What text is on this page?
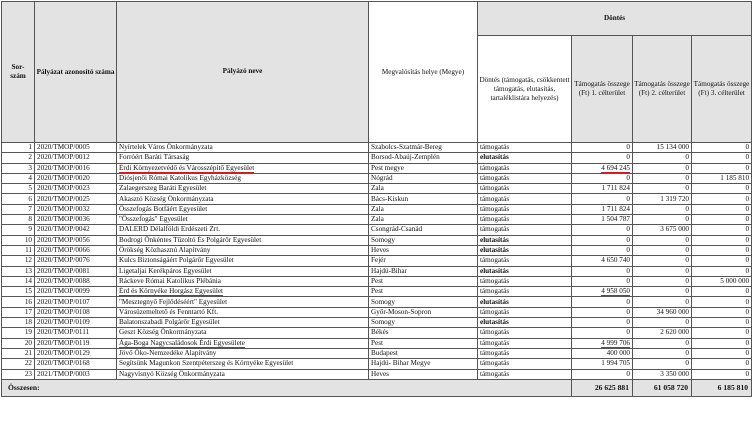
Sor-
szám	Pályázat azonosító száma	Pályázó neve	Megvalósítás helye (Megye)	Döntés			
				Döntés (támogatás, csökkentett támogatás, elutasítás, tartaléklistára helyezés)	Támogatás összege (Ft) 1. célterület	Támogatás összege (Ft) 2. célterület	Támogatás összege (Ft) 3. célterület
1	2020/TMOP/0005	Nyírtelek Város Önkormányzata	Szabolcs-Szatmár-Bereg	támogatás	0	15 134 000	0
2	2020/TMOP/0012	Forróért Baráti Társaság	Borsod-Abaúj-Zemplén	elutasítás	0	0	0
3	2020/TMOP/0016	Érdi Környezetvédő és Városszépítő Egyesület	Pest megye	támogatás	4 694 245	0	0
4	2020/TMOP/0020	Diósjenői Római Katolikus Egyházközség	Nógrád	támogatás	0	0	1 185 810
5	2020/TMOP/0023	Zalaegerszeg Baráti Egyesület	Zala	támogatás	1 711 824	0	0
6	2020/TMOP/0025	Akasztó Község Önkormányzata	Bács-Kiskun	támogatás	0	1 319 720	0
7	2020/TMOP/0032	Összefogás Botfáért Egyesület	Zala	támogatás	1 711 824	0	0
8	2020/TMOP/0036	"Összefogás" Egyesület	Zala	támogatás	1 504 787	0	0
9	2020/TMOP/0042	DALERD Délalföldi Erdészeti Zrt.	Csongrád-Csanád	támogatás	0	3 675 000	0
10	2020/TMOP/0056	Bodrogi Önkéntes Tűzoltó És Polgárőr Egyesület	Somogy	elutasítás	0	0	0
11	2020/TMOP/0066	Örökség Közhasznú Alapítvány	Heves	elutasítás	0	0	0
12	2020/TMOP/0076	Kulcs Biztonságáért Polgárőr Egyesület	Fejér	támogatás	4 650 740	0	0
13	2020/TMOP/0081	Ligetaljai Kerékpáros Egyesület	Hajdú-Bihar	elutasítás	0	0	0
14	2020/TMOP/0088	Ráckeve Római Katolikus Plébánia	Pest	támogatás	0	0	5 000 000
15	2020/TMOP/0099	Érd és Környéke Horgász Egyesület	Pest	támogatás	4 958 050	0	0
16	2020/TMOP/0107	"Mesztegnyő Fejlődéséért" Egyesület	Somogy	elutasítás	0	0	0
17	2020/TMOP/0108	Városüzemeltető és Fenntartó Kft.	Győr-Moson-Sopron	támogatás	0	34 960 000	0
18	2020/TMOP/0109	Balatonszabadi Polgárőr Egyesület	Somogy	elutasítás	0	0	0
19	2020/TMOP/0111	Geszt Község Önkormányzata	Békés	támogatás	0	2 620 000	0
20	2020/TMOP/0119	Ága-Boga Nagycsaládosok Érdi Egyesülete	Pest	támogatás	4 999 706	0	0
21	2020/TMOP/0129	Jövő Öko-Nemzedéke Alapítvány	Budapest	támogatás	400 000	0	0
22	2020/TMOP/0168	Segítsünk Magunkon Szentpéterszeg és Környéke Egyesület	Hajdú- Bihar Megye	támogatás	1 994 705	0	0
23	2021/TMOP/0003	Nagyvisnyó Község Önkormányzata	Heves	támogatás	0	3 350 000	0
Összesen:					26 625 881	61 058 720	6 185 810
